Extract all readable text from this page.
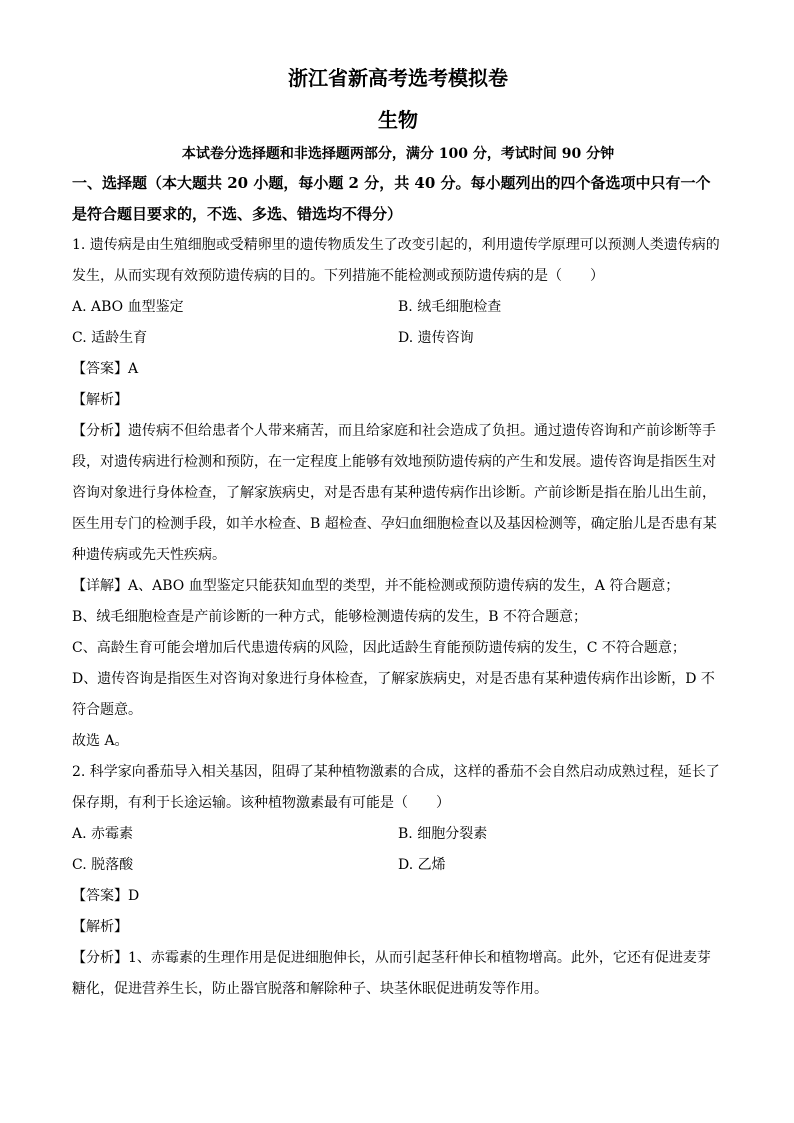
浙江省新高考选考模拟卷
生物
本试卷分选择题和非选择题两部分，满分 100 分，考试时间 90 分钟
一、选择题（本大题共 20 小题，每小题 2 分，共 40 分。每小题列出的四个备选项中只有一个是符合题目要求的，不选、多选、错选均不得分）
1. 遗传病是由生殖细胞或受精卵里的遗传物质发生了改变引起的，利用遗传学原理可以预测人类遗传病的发生，从而实现有效预防遗传病的目的。下列措施不能检测或预防遗传病的是（　　）
A. ABO 血型鉴定	B. 绒毛细胞检查
C. 适龄生育	D. 遗传咨询
【答案】A
【解析】
【分析】遗传病不但给患者个人带来痛苦，而且给家庭和社会造成了负担。通过遗传咨询和产前诊断等手段，对遗传病进行检测和预防，在一定程度上能够有效地预防遗传病的产生和发展。遗传咨询是指医生对咨询对象进行身体检查，了解家族病史，对是否患有某种遗传病作出诊断。产前诊断是指在胎儿出生前，医生用专门的检测手段，如羊水检查、B 超检查、孕妇血细胞检查以及基因检测等，确定胎儿是否患有某种遗传病或先天性疾病。
【详解】A、ABO 血型鉴定只能获知血型的类型，并不能检测或预防遗传病的发生，A 符合题意；
B、绒毛细胞检查是产前诊断的一种方式，能够检测遗传病的发生，B 不符合题意；
C、高龄生育可能会增加后代患遗传病的风险，因此适龄生育能预防遗传病的发生，C 不符合题意；
D、遗传咨询是指医生对咨询对象进行身体检查，了解家族病史，对是否患有某种遗传病作出诊断，D 不符合题意。
故选 A。
2. 科学家向番茄导入相关基因，阻碍了某种植物激素的合成，这样的番茄不会自然启动成熟过程，延长了保存期，有利于长途运输。该种植物激素最有可能是（　　）
A. 赤霉素	B. 细胞分裂素
C. 脱落酸	D. 乙烯
【答案】D
【解析】
【分析】1、赤霉素的生理作用是促进细胞伸长，从而引起茎秆伸长和植物增高。此外，它还有促进麦芽糖化，促进营养生长，防止器官脱落和解除种子、块茎休眠促进萌发等作用。
